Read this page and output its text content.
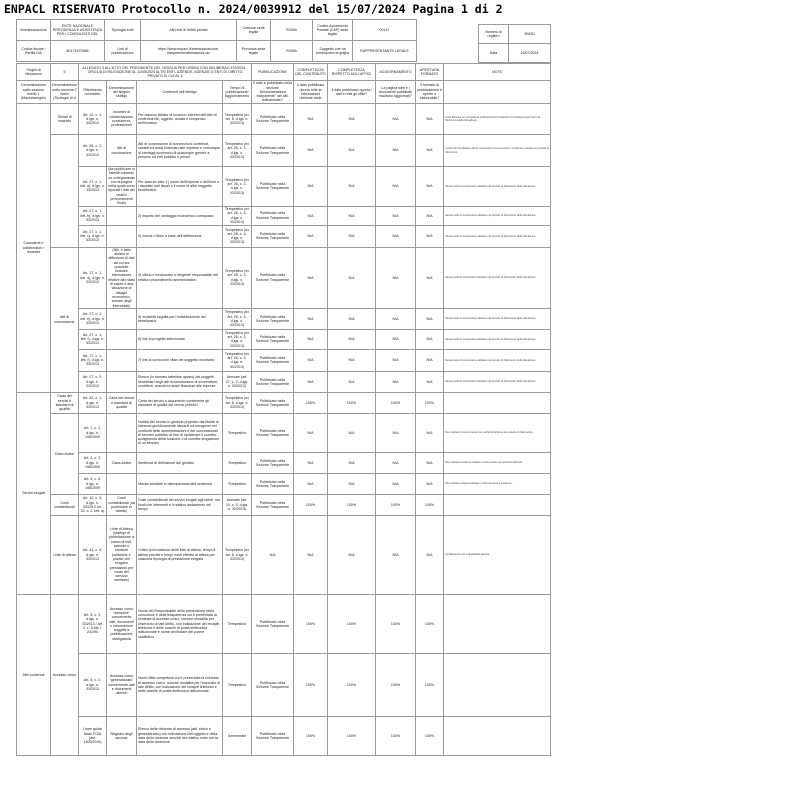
ENPACL RISERVATO Protocollo n. 2024/0039912 del 15/07/2024 Pagina 1 di 2
Amministrazione	ENTE NAZIONALE PREVIDENZA E ASSISTENZA PER I CONSULENTI DEL	Tipologia ente	Altri enti di diritto privato	Comune sede legale	ROMA	Codice Avviamento Postale (CAP) sede legale	00147
Codice fiscale / Partita IVA	80171670588	Link di pubblicazione	https://www.enpacl.it/amministrazione-trasparente/attestazioni-oiv	Provincia sede legale	ROMA	Soggetto che ha predisposto la griglia	RAPPRESENTANTE LEGALE
Numero di registro	89430
Data	15/07/2024
Griglia di rilevazione	5	ALLEGATO 3 ALL'ATTO DEL PRESIDENTE DEL 'GRIGLIA PER ORDINI CON DELIBERA n.370/2024 - GRIGLIA DI RILEVAZIONE AL 31/05/2024 ALTRI ENTI, AZIENDE, AGENZIE E ENTI DI DIRITTO PRIVATO DI CUI AL §				PUBBLICAZIONE	COMPLETEZZA DEL CONTENUTO	COMPLETEZZA RISPETTO AGLI UFFICI	AGGIORNAMENTO	APERTURA FORMATO	NOTE
Denominazione sotto-sezione livello 1 (Macrofamiglie)	Denominazione sotto-sezione 2 livello (Tipologie di d	Riferimento normativo	Denominazione del singolo obbligo	Contenuti dell'obbligo	Tempo di pubblicazione/ Aggiornamento	Il dato è pubblicato nella sezione "Amministrazione trasparente" del sito istituzionale?	Il dato pubblicato riporta tutte le informazioni richieste dalle	Il dato pubblicato riporta i dati in tutti gli uffici?	La pagina web e i documenti pubblicati risultano aggiornati?	Il formato di pubblicazione è aperto o elaborabile?	
Consulenti e collaboratori / Incarichi	Titolari di incarichi	Art. 15, c. 1, d.lgs. n. 33/2013	Incarichi di collaborazione, consulenza, professionali	Per ciascun titolare di incarico: estremi dell'atto di conferimento, oggetto, durata e compenso dell'incarico	Tempestivo (ex art. 8, d.lgs. n. 33/2013)	Pubblicato nella Sezione Trasparente	N/A	N/A	N/A	N/A	Il sito dell'ente non prevede la pubblicazione di incarichi di consulenza per l'anno di riferimento della rilevazione.
		Art. 26, c. 2, d.lgs. n. 33/2013	Atti di concessione	Atti di concessione di sovvenzioni, contributi, sussidi ed ausili finanziari alle imprese e comunque di vantaggi economici di qualunque genere a persone ed enti pubblici e privati	Tempestivo (ex art. 26, c. 3, d.lgs. n. 33/2013)	Pubblicato nella Sezione Trasparente	N/A	N/A	N/A	N/A	L'ente non ha adottato atti di concessione di sovvenzioni, contributi e sussidi nel periodo di riferimento.
		Art. 27, c. 1, lett. a), d.lgs. n. 33/2013	(da pubblicare in tabelle creando un collegamento con la pagina nella quale sono riportati i dati dei relativi provvedimenti finali)	Per ciascun atto: 1) nome dell'impresa o dell'ente e i rispettivi dati fiscali o il nome di altro soggetto beneficiario	Tempestivo (ex art. 26, c. 3, d.lgs. n. 33/2013)	Pubblicato nella Sezione Trasparente	N/A	N/A	N/A	N/A	Nessun atto di concessione adottato nel periodo di riferimento della rilevazione.
		Art. 27, c. 1, lett. b), d.lgs. n. 33/2013		2) importo del vantaggio economico corrisposto	Tempestivo (ex art. 26, c. 3, d.lgs. n. 33/2013)	Pubblicato nella Sezione Trasparente	N/A	N/A	N/A	N/A	Nessun atto di concessione adottato nel periodo di riferimento della rilevazione.
		Art. 27, c. 1, lett. c), d.lgs. n. 33/2013		3) norma o titolo a base dell'attribuzione	Tempestivo (ex art. 26, c. 3, d.lgs. n. 33/2013)	Pubblicato nella Sezione Trasparente	N/A	N/A	N/A	N/A	Nessun atto di concessione adottato nel periodo di riferimento della rilevazione.
	Atti di concessione	Art. 27, c. 1, lett. d), d.lgs. n. 33/2013	(NB: è fatto divieto di diffusione di dati da cui sia possibile ricavare informazioni relative allo stato di salute e alla situazione di disagio economico-sociale degli interessati)	4) ufficio e funzionario o dirigente responsabile del relativo procedimento amministrativo	Tempestivo (ex art. 26, c. 3, d.lgs. n. 33/2013)	Pubblicato nella Sezione Trasparente	N/A	N/A	N/A	N/A	Nessun atto di concessione adottato nel periodo di riferimento della rilevazione.
		Art. 27, c. 1, lett. e), d.lgs. n. 33/2013		5) modalità seguita per l'individuazione del beneficiario	Tempestivo (ex art. 26, c. 3, d.lgs. n. 33/2013)	Pubblicato nella Sezione Trasparente	N/A	N/A	N/A	N/A	Nessun atto di concessione adottato nel periodo di riferimento della rilevazione.
		Art. 27, c. 1, lett. f), d.lgs. n. 33/2013		6) link al progetto selezionato	Tempestivo (ex art. 26, c. 3, d.lgs. n. 33/2013)	Pubblicato nella Sezione Trasparente	N/A	N/A	N/A	N/A	Nessun atto di concessione adottato nel periodo di riferimento della rilevazione.
		Art. 27, c. 1, lett. f), d.lgs. n. 33/2013		7) link al curriculum vitae del soggetto incaricato	Tempestivo (ex art. 26, c. 3, d.lgs. n. 33/2013)	Pubblicato nella Sezione Trasparente	N/A	N/A	N/A	N/A	Nessun atto di concessione adottato nel periodo di riferimento della rilevazione.
		Art. 27, c. 2, d.lgs. n. 33/2013		Elenco (in formato tabellare aperto) dei soggetti beneficiari degli atti di concessione di sovvenzioni, contributi, sussidi ed ausili finanziari alle imprese	Annuale (art. 27, c. 2, d.lgs. n. 33/2013)	Pubblicato nella Sezione Trasparente	N/A	N/A	N/A	N/A	Nessun atto di concessione adottato nel periodo di riferimento della rilevazione.
Servizi erogati	Carta dei servizi e standard di qualità	Art. 32, c. 1, d.lgs. n. 33/2013	Carta dei servizi e standard di qualità	Carta dei servizi o documento contenente gli standard di qualità dei servizi pubblici	Tempestivo (ex art. 8, d.lgs. n. 33/2013)	Pubblicato nella Sezione Trasparente	100%	100%	100%	100%	
	Class Action	Art. 1, c. 2, d.lgs. n. 198/2009		Notizia del ricorso in giudizio proposto dai titolari di interessi giuridicamente rilevanti ed omogenei nei confronti delle amministrazioni e dei concessionari di servizio pubblico al fine di ripristinare il corretto svolgimento della funzione o la corretta erogazione di un servizio	Tempestivo	Pubblicato nella Sezione Trasparente	N/A	N/A	N/A	N/A	Non risultano ricorsi proposti nei confronti dell'ente nel periodo di riferimento.
		Art. 4, c. 2, d.lgs. n. 198/2009	Class Action	Sentenza di definizione del giudizio	Tempestivo	Pubblicato nella Sezione Trasparente	N/A	N/A	N/A	N/A	Non risultano sentenze relative a class action nei confronti dell'ente.
		Art. 4, c. 6, d.lgs. n. 198/2009		Misure adottate in ottemperanza alla sentenza	Tempestivo	Pubblicato nella Sezione Trasparente	N/A	N/A	N/A	N/A	Non risultano misure adottate in ottemperanza a sentenze.
	Costi contabilizzati	Art. 10, c. 5, d.lgs. n. 33/2013 Art. 32, c. 2, lett. a)	Costi contabilizzati (da pubblicare in tabelle)	Costi contabilizzati dei servizi erogati agli utenti, sia finali che intermedi e il relativo andamento nel tempo	Annuale (art. 10, c. 5, d.lgs. n. 33/2013)	Pubblicato nella Sezione Trasparente	100%	100%	100%	100%	
	Liste di attesa	Art. 41, c. 6, d.lgs. n. 33/2013	Liste di Attesa (obbligo di pubblicazione a carico di enti, aziende e strutture pubbliche e private che erogano prestazioni per conto del servizio sanitario)	Criteri di formazione delle liste di attesa, tempi di attesa previsti e tempi medi effettivi di attesa per ciascuna tipologia di prestazione erogata	Tempestivo (ex art. 8, d.lgs. n. 33/2013)	N/A	N/A	N/A	N/A	N/A	La fattispecie non è applicabile all'ente.
Altri contenuti	Accesso civico	Art. 5, c. 1, d.lgs. n. 33/2013 / Art. 2, c. 9-bis, l. 241/90	Accesso civico "semplice" concernente dati, documenti e informazioni soggetti a pubblicazione obbligatoria	Nome del Responsabile della prevenzione della corruzione e della trasparenza cui è presentata la richiesta di accesso civico, nonché modalità per l'esercizio di tale diritto, con indicazione dei recapiti telefonici e delle caselle di posta elettronica istituzionale e nome del titolare del potere sostitutivo	Tempestivo	Pubblicato nella Sezione Trasparente	100%	100%	100%	100%	
		Art. 5, c. 2, d.lgs. n. 33/2013	Accesso civico "generalizzato" concernente dati e documenti ulteriori	Nomi Uffici competenti cui è presentata la richiesta di accesso civico, nonché modalità per l'esercizio di tale diritto, con indicazione dei recapiti telefonici e delle caselle di posta elettronica istituzionale	Tempestivo	Pubblicato nella Sezione Trasparente	100%	100%	100%	100%	
		Linee guida Anac FOIA (del. 1309/2016)	Registro degli accessi	Elenco delle richieste di accesso (atti, civico e generalizzato) con indicazione dell'oggetto e della data della richiesta nonché del relativo esito con la data della decisione	Semestrale	Pubblicato nella Sezione Trasparente	100%	100%	100%	100%	
